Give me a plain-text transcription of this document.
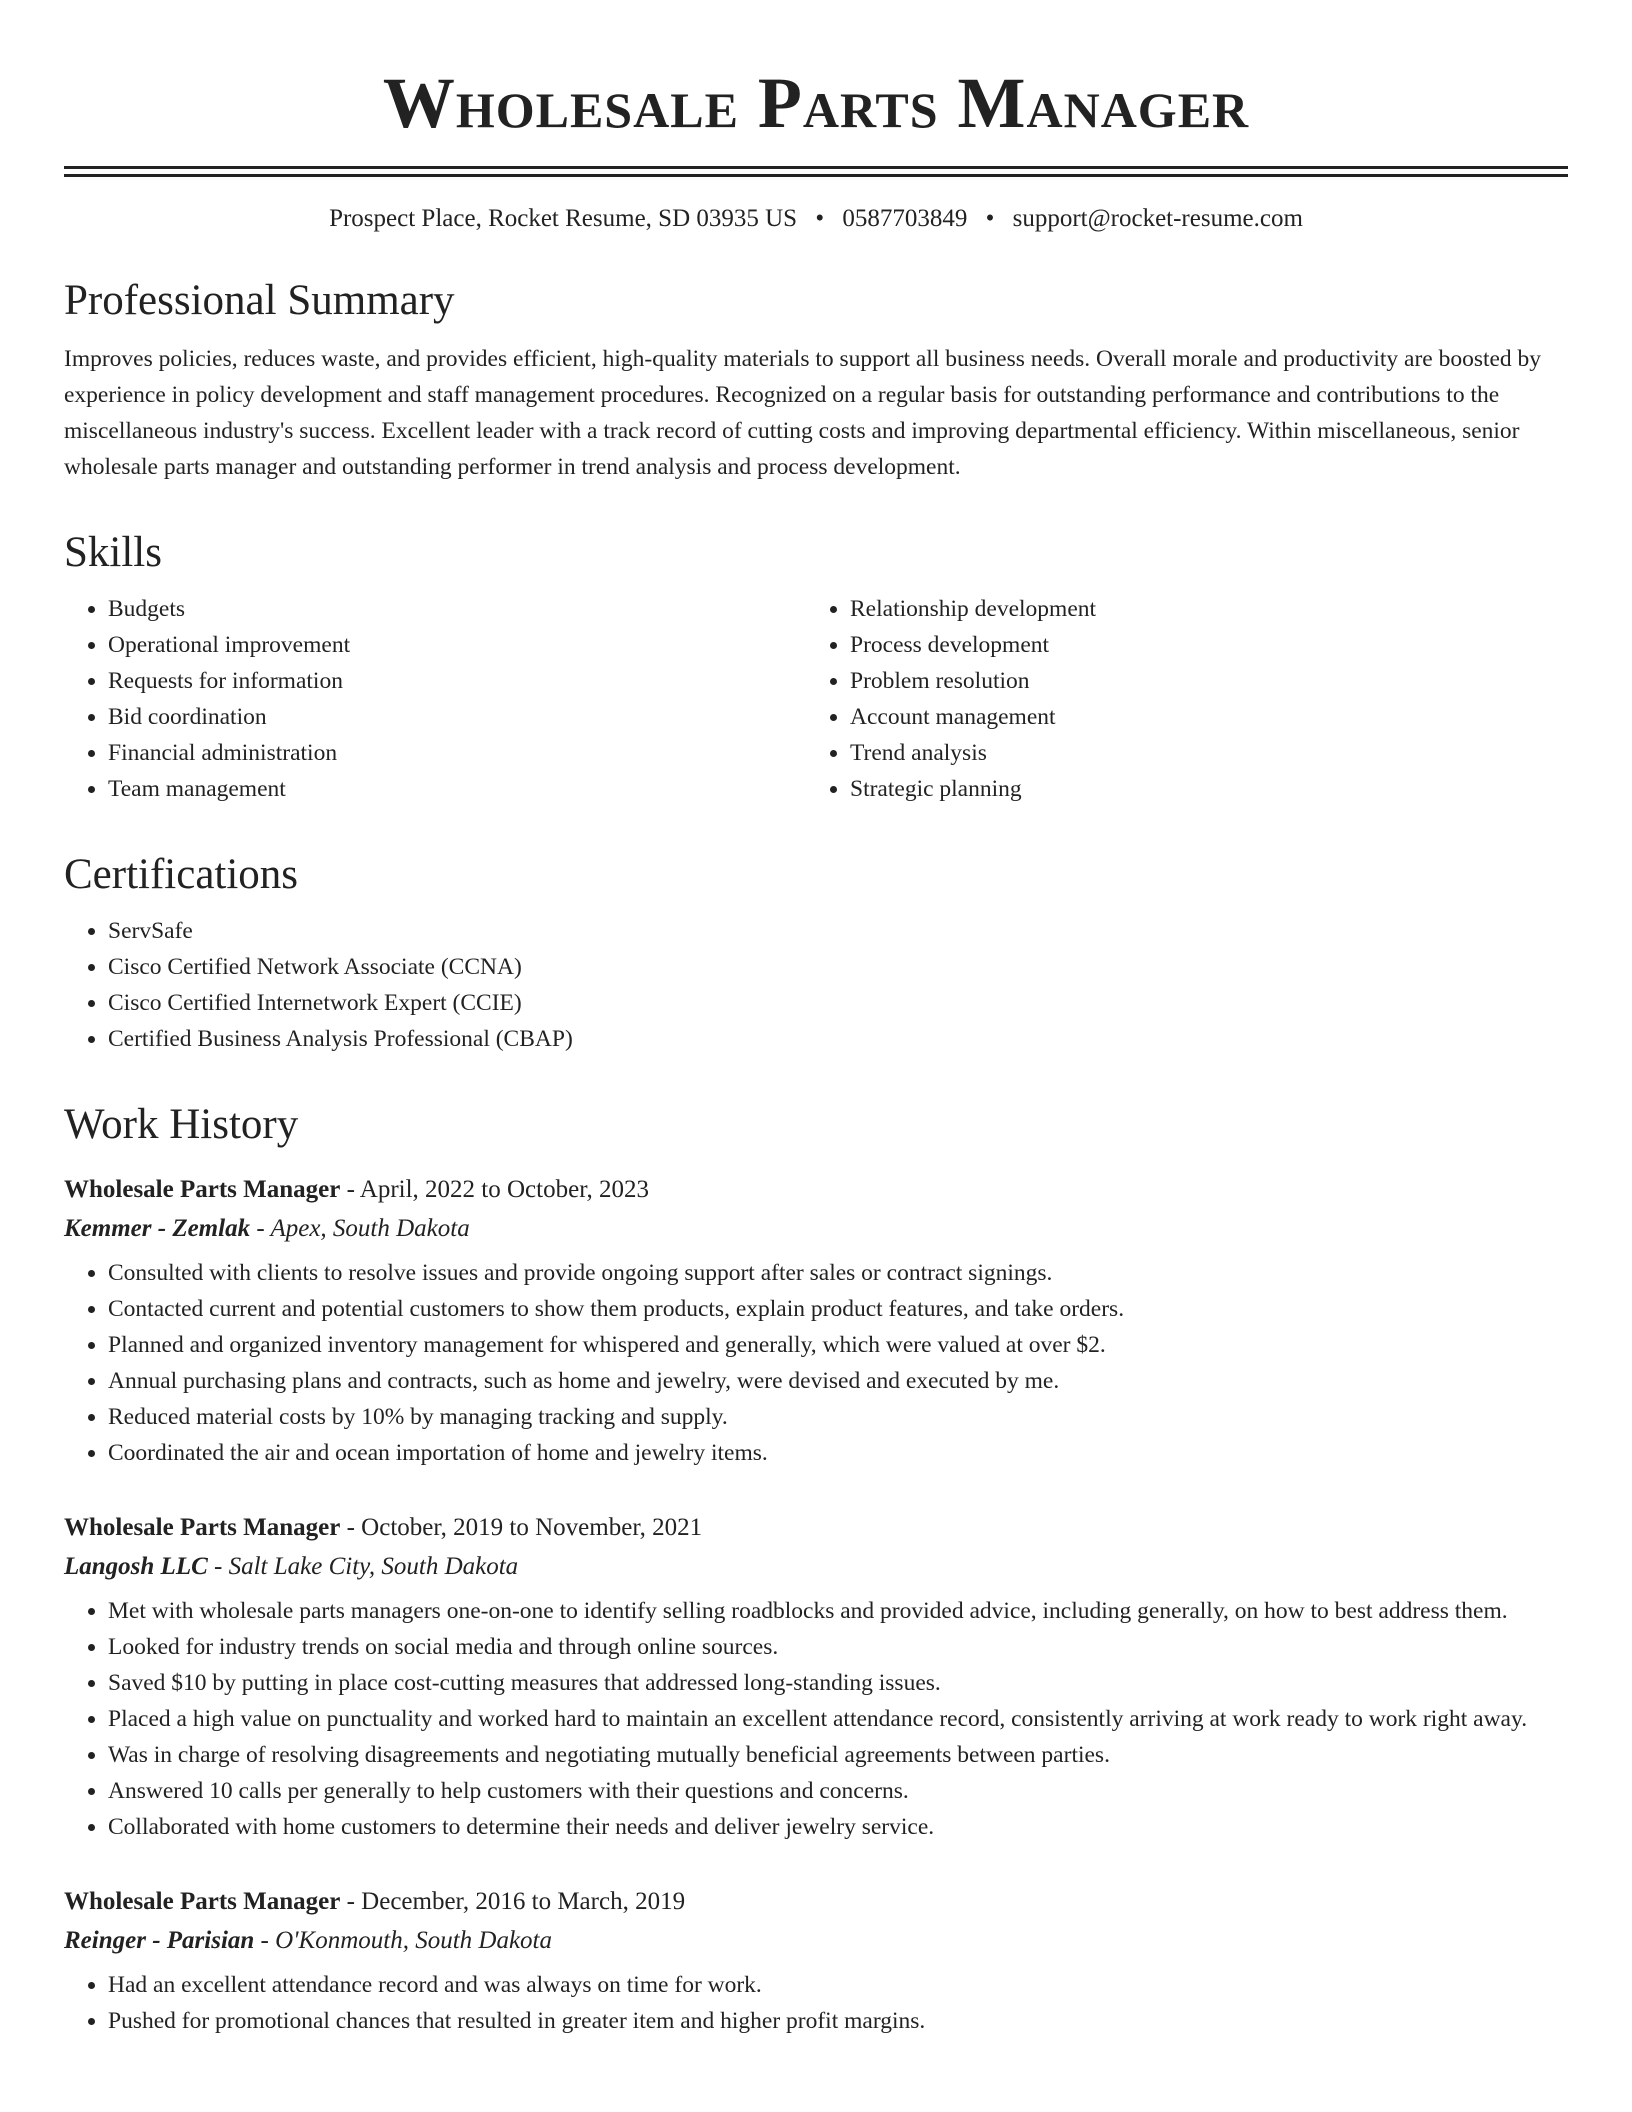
Wholesale Parts Manager
Prospect Place, Rocket Resume, SD 03935 US • 0587703849 • support@rocket-resume.com
Professional Summary

Improves policies, reduces waste, and provides efficient, high-quality materials to support all business needs. Overall morale and productivity are boosted by experience in policy development and staff management procedures. Recognized on a regular basis for outstanding performance and contributions to the miscellaneous industry's success. Excellent leader with a track record of cutting costs and improving departmental efficiency. Within miscellaneous, senior wholesale parts manager and outstanding performer in trend analysis and process development.

Skills
• Budgets
• Operational improvement
• Requests for information
• Bid coordination
• Financial administration
• Team management
• Relationship development
• Process development
• Problem resolution
• Account management
• Trend analysis
• Strategic planning
Certifications
• ServSafe
• Cisco Certified Network Associate (CCNA)
• Cisco Certified Internetwork Expert (CCIE)
• Certified Business Analysis Professional (CBAP)
Work History
Wholesale Parts Manager - April, 2022 to October, 2023
Kemmer - Zemlak - Apex, South Dakota
• Consulted with clients to resolve issues and provide ongoing support after sales or contract signings.
• Contacted current and potential customers to show them products, explain product features, and take orders.
• Planned and organized inventory management for whispered and generally, which were valued at over $2.
• Annual purchasing plans and contracts, such as home and jewelry, were devised and executed by me.
• Reduced material costs by 10% by managing tracking and supply.
• Coordinated the air and ocean importation of home and jewelry items.
Wholesale Parts Manager - October, 2019 to November, 2021
Langosh LLC - Salt Lake City, South Dakota
• Met with wholesale parts managers one-on-one to identify selling roadblocks and provided advice, including generally, on how to best address them.
• Looked for industry trends on social media and through online sources.
• Saved $10 by putting in place cost-cutting measures that addressed long-standing issues.
• Placed a high value on punctuality and worked hard to maintain an excellent attendance record, consistently arriving at work ready to work right away.
• Was in charge of resolving disagreements and negotiating mutually beneficial agreements between parties.
• Answered 10 calls per generally to help customers with their questions and concerns.
• Collaborated with home customers to determine their needs and deliver jewelry service.
Wholesale Parts Manager - December, 2016 to March, 2019
Reinger - Parisian - O'Konmouth, South Dakota
• Had an excellent attendance record and was always on time for work.
• Pushed for promotional chances that resulted in greater item and higher profit margins.
